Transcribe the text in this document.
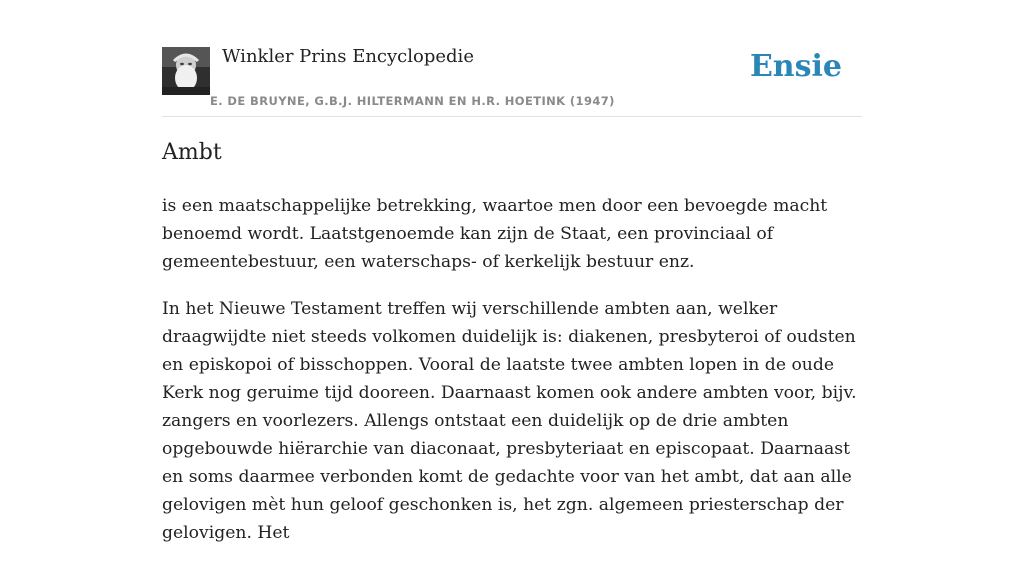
Winkler Prins Encyclopedie
E. DE BRUYNE, G.B.J. HILTERMANN EN H.R. HOETINK (1947)
Ensie
Ambt

is een maatschappelijke betrekking, waartoe men door een bevoegde macht benoemd wordt. Laatstgenoemde kan zijn de Staat, een provinciaal of gemeentebestuur, een waterschaps- of kerkelijk bestuur enz.

In het Nieuwe Testament treffen wij verschillende ambten aan, welker draagwijdte niet steeds volkomen duidelijk is: diakenen, presbyteroi of oudsten en episkopoi of bisschoppen. Vooral de laatste twee ambten lopen in de oude Kerk nog geruime tijd dooreen. Daarnaast komen ook andere ambten voor, bijv. zangers en voorlezers. Allengs ontstaat een duidelijk op de drie ambten opgebouwde hiërarchie van diaconaat, presbyteriaat en episcopaat. Daarnaast en soms daarmee verbonden komt de gedachte voor van het ambt, dat aan alle gelovigen mèt hun geloof geschonken is, het zgn. algemeen priesterschap der gelovigen. Het
